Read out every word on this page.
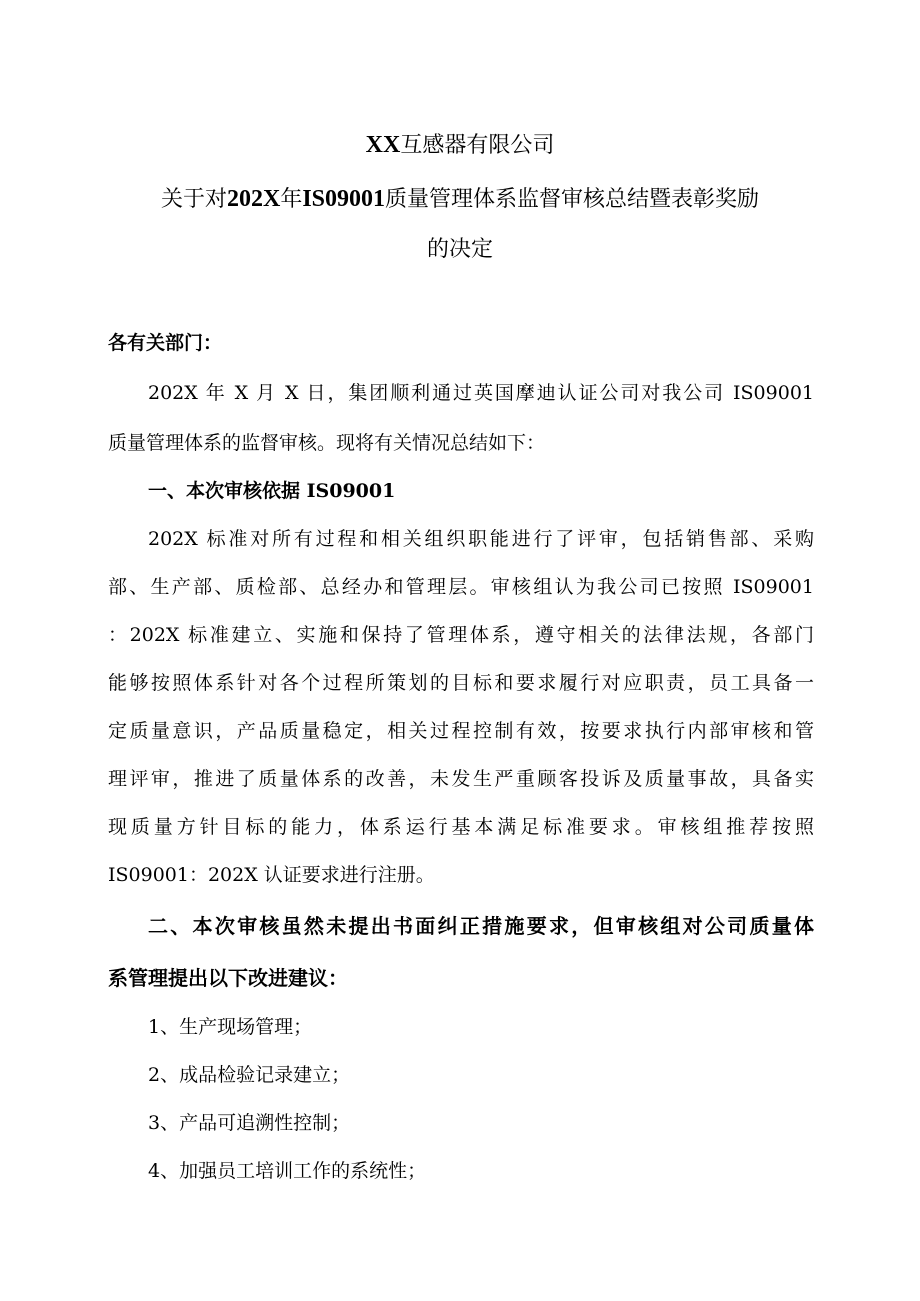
XX互感器有限公司
关于对202X年IS09001质量管理体系监督审核总结暨表彰奖励
的决定
各有关部门：
202X 年 X 月 X 日，集团顺利通过英国摩迪认证公司对我公司 IS09001
质量管理体系的监督审核。现将有关情况总结如下：
一、本次审核依据 IS09001
202X 标准对所有过程和相关组织职能进行了评审，包括销售部、采购
部、生产部、质检部、总经办和管理层。审核组认为我公司已按照 IS09001
：202X 标准建立、实施和保持了管理体系，遵守相关的法律法规，各部门
能够按照体系针对各个过程所策划的目标和要求履行对应职责，员工具备一
定质量意识，产品质量稳定，相关过程控制有效，按要求执行内部审核和管
理评审，推进了质量体系的改善，未发生严重顾客投诉及质量事故，具备实
现质量方针目标的能力，体系运行基本满足标准要求。审核组推荐按照
IS09001：202X 认证要求进行注册。
二、本次审核虽然未提出书面纠正措施要求，但审核组对公司质量体
系管理提出以下改进建议：
1、生产现场管理；
2、成品检验记录建立；
3、产品可追溯性控制；
4、加强员工培训工作的系统性；
